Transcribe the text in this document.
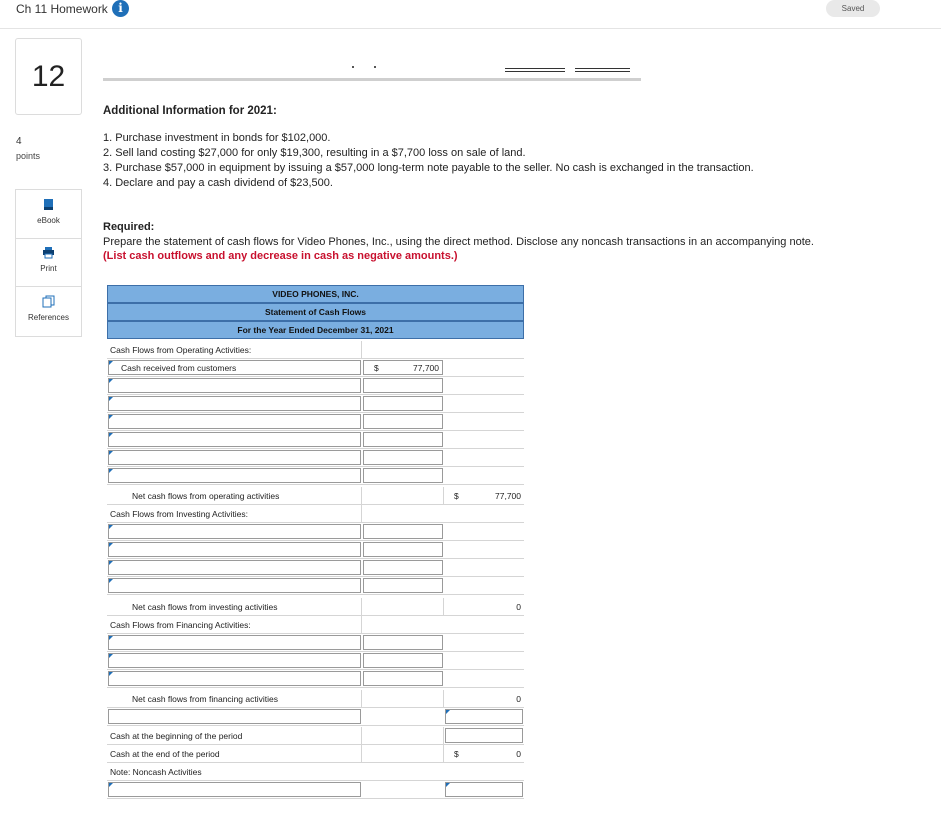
Ch 11 Homework i	Saved
12
4
points
eBook
Print
References
Additional Information for 2021:
1. Purchase investment in bonds for $102,000.
2. Sell land costing $27,000 for only $19,300, resulting in a $7,700 loss on sale of land.
3. Purchase $57,000 in equipment by issuing a $57,000 long-term note payable to the seller. No cash is exchanged in the transaction.
4. Declare and pay a cash dividend of $23,500.
Required:
Prepare the statement of cash flows for Video Phones, Inc., using the direct method. Disclose any noncash transactions in an accompanying note. (List cash outflows and any decrease in cash as negative amounts.)
VIDEO PHONES, INC.
Statement of Cash Flows
For the Year Ended December 31, 2021
Cash Flows from Operating Activities:
Cash received from customers	$	77,700
Net cash flows from operating activities	$	77,700
Cash Flows from Investing Activities:
Net cash flows from investing activities	0
Cash Flows from Financing Activities:
Net cash flows from financing activities	0
Cash at the beginning of the period
Cash at the end of the period	$	0
Note: Noncash Activities
